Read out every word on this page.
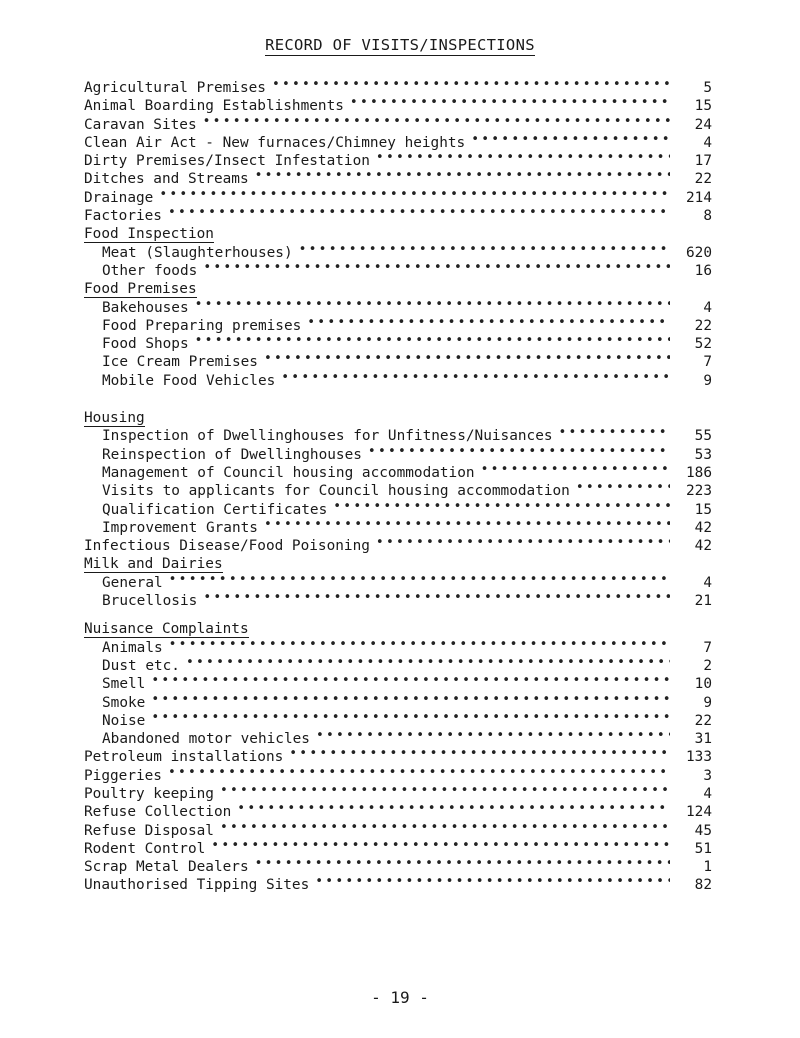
RECORD OF VISITS/INSPECTIONS
Agricultural Premises •••••	5
Animal Boarding Establishments •••••	15
Caravan Sites •••••	24
Clean Air Act - New furnaces/Chimney heights •••••	4
Dirty Premises/Insect Infestation •••••	17
Ditches and Streams •••••	22
Drainage •••••	214
Factories •••••	8
Food Inspection
Meat (Slaughterhouses) •••••	620
Other foods •••••	16
Food Premises
Bakehouses •••••	4
Food Preparing premises •••••	22
Food Shops •••••	52
Ice Cream Premises •••••	7
Mobile Food Vehicles •••••	9
Housing
Inspection of Dwellinghouses for Unfitness/Nuisances •••••	55
Reinspection of Dwellinghouses •••••	53
Management of Council housing accommodation •••••	186
Visits to applicants for Council housing accommodation •••••	223
Qualification Certificates •••••	15
Improvement Grants •••••	42
Infectious Disease/Food Poisoning •••••	42
Milk and Dairies
General •••••	4
Brucellosis •••••	21
Nuisance Complaints
Animals •••••	7
Dust etc. •••••	2
Smell •••••	10
Smoke •••••	9
Noise •••••	22
Abandoned motor vehicles •••••	31
Petroleum installations •••••	133
Piggeries •••••	3
Poultry keeping •••••	4
Refuse Collection •••••	124
Refuse Disposal •••••	45
Rodent Control •••••	51
Scrap Metal Dealers •••••	1
Unauthorised Tipping Sites •••••	82
- 19 -
